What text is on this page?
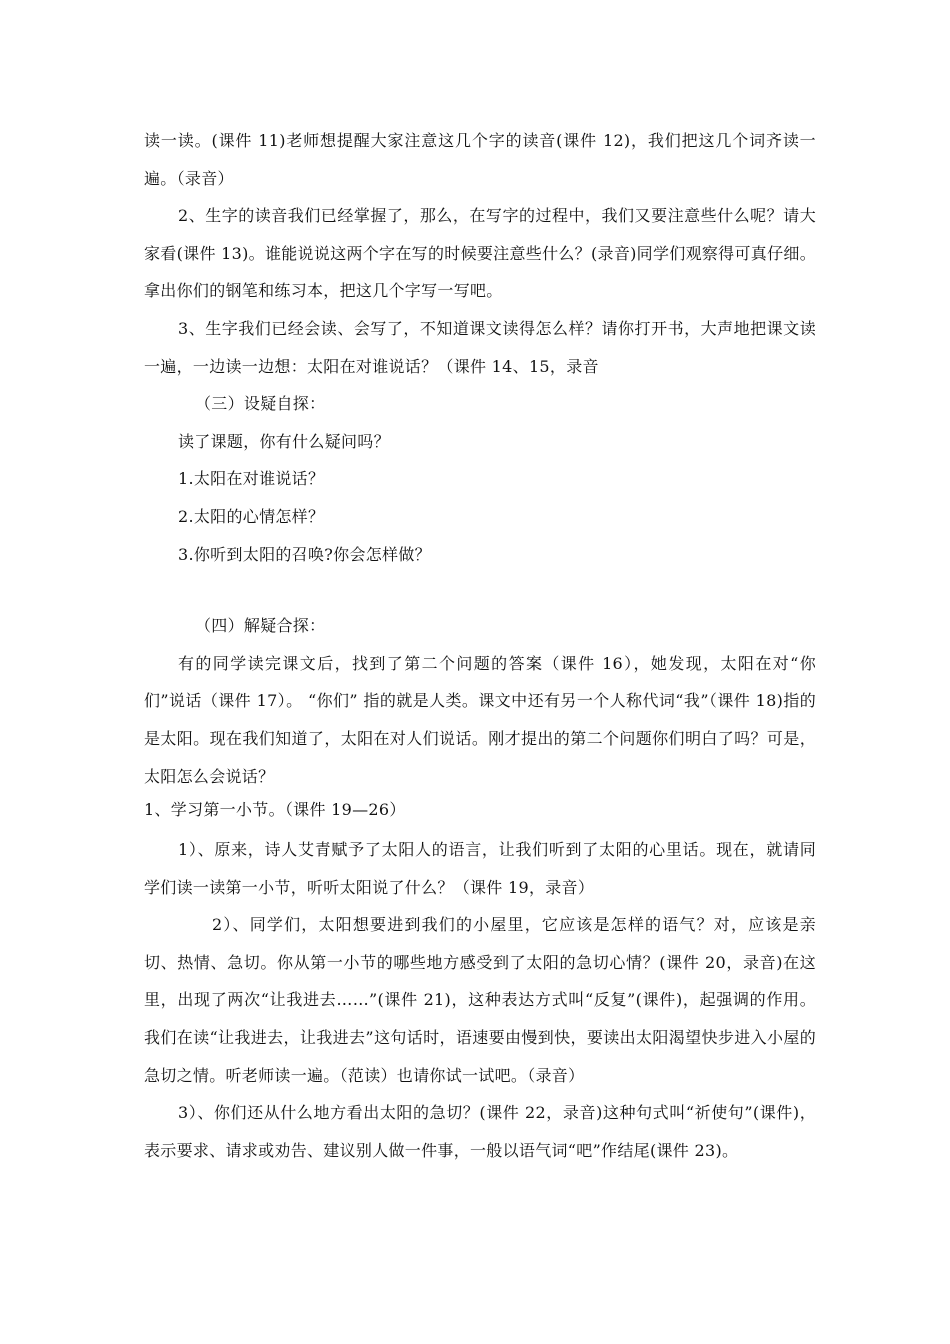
读一读。(课件 11)老师想提醒大家注意这几个字的读音(课件 12)，我们把这几个词齐读一遍。（录音）

2、生字的读音我们已经掌握了，那么，在写字的过程中，我们又要注意些什么呢？请大家看(课件 13)。谁能说说这两个字在写的时候要注意些什么？(录音)同学们观察得可真仔细。拿出你们的钢笔和练习本，把这几个字写一写吧。

3、生字我们已经会读、会写了，不知道课文读得怎么样？请你打开书，大声地把课文读一遍，一边读一边想：太阳在对谁说话？（课件 14、15，录音

（三）设疑自探：

读了课题，你有什么疑问吗？

1.太阳在对谁说话？

2.太阳的心情怎样？

3.你听到太阳的召唤?你会怎样做？

（四）解疑合探：

有的同学读完课文后，找到了第二个问题的答案（课件 16），她发现，太阳在对“你们”说话（课件 17）。 “你们” 指的就是人类。课文中还有另一个人称代词“我”（课件 18)指的是太阳。现在我们知道了，太阳在对人们说话。刚才提出的第二个问题你们明白了吗？可是，太阳怎么会说话？

1、学习第一小节。（课件 19—26）

1）、原来，诗人艾青赋予了太阳人的语言，让我们听到了太阳的心里话。现在，就请同学们读一读第一小节，听听太阳说了什么？（课件 19，录音）

2）、同学们，太阳想要进到我们的小屋里，它应该是怎样的语气？对，应该是亲切、热情、急切。你从第一小节的哪些地方感受到了太阳的急切心情？(课件 20，录音)在这里，出现了两次“让我进去……”(课件 21)，这种表达方式叫“反复”(课件)，起强调的作用。我们在读“让我进去，让我进去”这句话时，语速要由慢到快，要读出太阳渴望快步进入小屋的急切之情。听老师读一遍。（范读）也请你试一试吧。（录音）

3）、你们还从什么地方看出太阳的急切？(课件 22，录音)这种句式叫“祈使句”(课件)，表示要求、请求或劝告、建议别人做一件事，一般以语气词“吧”作结尾(课件 23)。
